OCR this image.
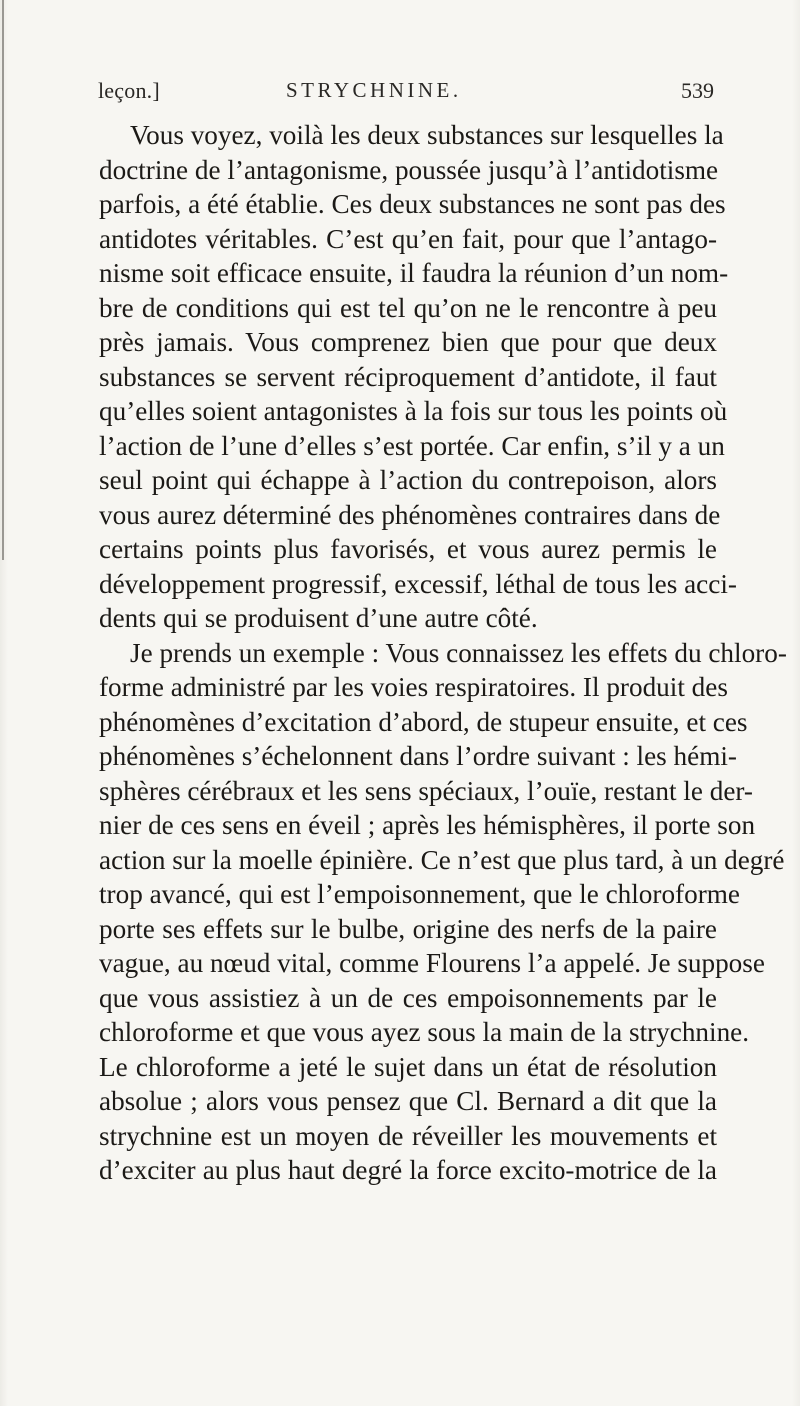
leçon.]	STRYCHNINE.	539
Vous voyez, voilà les deux substances sur lesquelles la
doctrine de l’antagonisme, poussée jusqu’à l’antidotisme
parfois, a été établie. Ces deux substances ne sont pas des
antidotes véritables. C’est qu’en fait, pour que l’antago-
nisme soit efficace ensuite, il faudra la réunion d’un nom-
bre de conditions qui est tel qu’on ne le rencontre à peu
près jamais. Vous comprenez bien que pour que deux
substances se servent réciproquement d’antidote, il faut
qu’elles soient antagonistes à la fois sur tous les points où
l’action de l’une d’elles s’est portée. Car enfin, s’il y a un
seul point qui échappe à l’action du contrepoison, alors
vous aurez déterminé des phénomènes contraires dans de
certains points plus favorisés, et vous aurez permis le
développement progressif, excessif, léthal de tous les acci-
dents qui se produisent d’une autre côté.
Je prends un exemple : Vous connaissez les effets du chloro-
forme administré par les voies respiratoires. Il produit des
phénomènes d’excitation d’abord, de stupeur ensuite, et ces
phénomènes s’échelonnent dans l’ordre suivant : les hémi-
sphères cérébraux et les sens spéciaux, l’ouïe, restant le der-
nier de ces sens en éveil ; après les hémisphères, il porte son
action sur la moelle épinière. Ce n’est que plus tard, à un degré
trop avancé, qui est l’empoisonnement, que le chloroforme
porte ses effets sur le bulbe, origine des nerfs de la paire
vague, au nœud vital, comme Flourens l’a appelé. Je suppose
que vous assistiez à un de ces empoisonnements par le
chloroforme et que vous ayez sous la main de la strychnine.
Le chloroforme a jeté le sujet dans un état de résolution
absolue ; alors vous pensez que Cl. Bernard a dit que la
strychnine est un moyen de réveiller les mouvements et
d’exciter au plus haut degré la force excito-motrice de la
